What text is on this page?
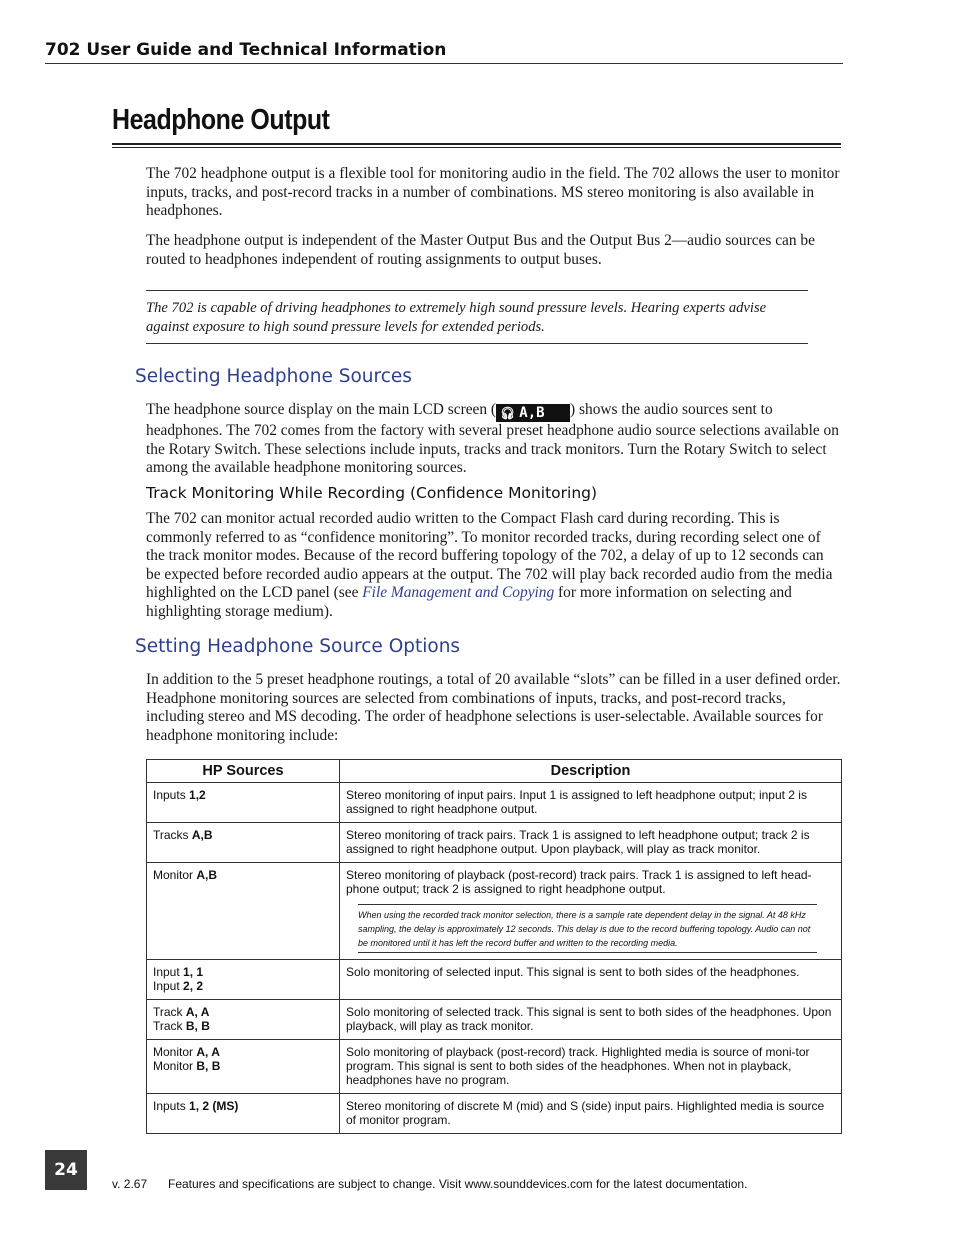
702 User Guide and Technical Information
Headphone Output

The 702 headphone output is a flexible tool for monitoring audio in the field. The 702 allows the user to monitor inputs, tracks, and post-record tracks in a number of combinations. MS stereo monitoring is also available in headphones.

The headphone output is independent of the Master Output Bus and the Output Bus 2—audio sources can be routed to headphones independent of routing assignments to output buses.

The 702 is capable of driving headphones to extremely high sound pressure levels. Hearing experts advise against exposure to high sound pressure levels for extended periods.
Selecting Headphone Sources

The headphone source display on the main LCD screen ( 🎧︎ A,B ) shows the audio sources sent to headphones. The 702 comes from the factory with several preset headphone audio source selections available on the Rotary Switch. These selections include inputs, tracks and track monitors. Turn the Rotary Switch to select among the available headphone monitoring sources.

Track Monitoring While Recording (Confidence Monitoring)

The 702 can monitor actual recorded audio written to the Compact Flash card during recording. This is commonly referred to as “confidence monitoring”. To monitor recorded tracks, during recording select one of the track monitor modes. Because of the record buffering topology of the 702, a delay of up to 12 seconds can be expected before recorded audio appears at the output. The 702 will play back recorded audio from the media highlighted on the LCD panel (see File Management and Copying for more information on selecting and highlighting storage medium).

Setting Headphone Source Options

In addition to the 5 preset headphone routings, a total of 20 available “slots” can be filled in a user defined order. Headphone monitoring sources are selected from combinations of inputs, tracks, and post-record tracks, including stereo and MS decoding. The order of headphone selections is user-selectable. Available sources for headphone monitoring include:

HP Sources	Description

Inputs 1,2	Stereo monitoring of input pairs. Input 1 is assigned to left headphone output; input 2 is assigned to right headphone output.

Tracks A,B	Stereo monitoring of track pairs. Track 1 is assigned to left headphone output; track 2 is assigned to right headphone output. Upon playback, will play as track monitor.

Monitor A,B	Stereo monitoring of playback (post-record) track pairs. Track 1 is assigned to left head-phone output; track 2 is assigned to right headphone output.
When using the recorded track monitor selection, there is a sample rate dependent delay in the signal. At 48 kHz sampling, the delay is approximately 12 seconds. This delay is due to the record buffering topology. Audio can not be monitored until it has left the record buffer and written to the recording media.

Input 1, 1
Input 2, 2	Solo monitoring of selected input. This signal is sent to both sides of the headphones.

Track A, A
Track B, B	Solo monitoring of selected track. This signal is sent to both sides of the headphones. Upon playback, will play as track monitor.

Monitor A, A
Monitor B, B	Solo monitoring of playback (post-record) track. Highlighted media is source of moni-tor program. This signal is sent to both sides of the headphones. When not in playback, headphones have no program.

Inputs 1, 2 (MS)	Stereo monitoring of discrete M (mid) and S (side) input pairs. Highlighted media is source of monitor program.
24
v. 2.67 Features and specifications are subject to change. Visit www.sounddevices.com for the latest documentation.
